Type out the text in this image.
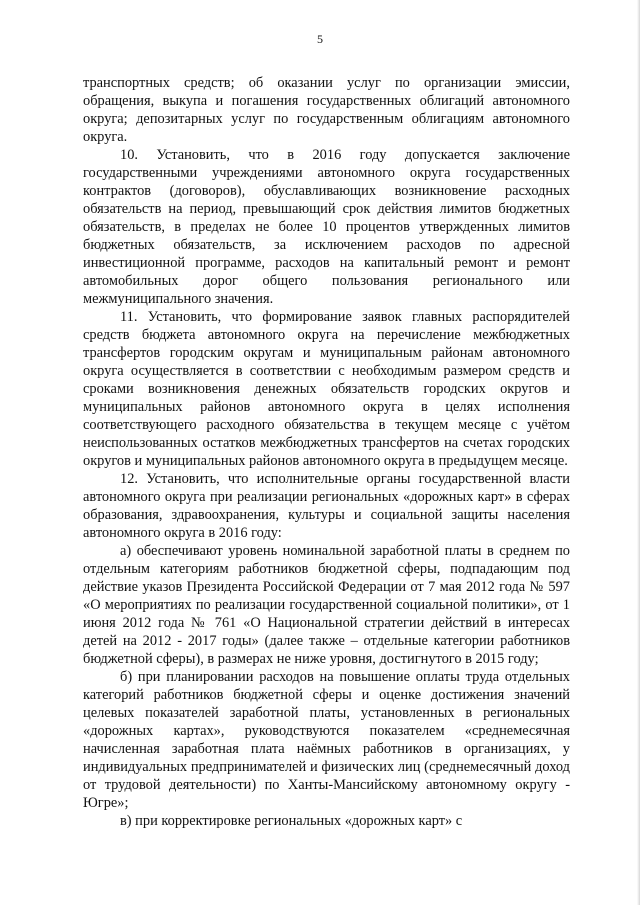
5

транспортных средств; об оказании услуг по организации эмиссии, обращения, выкупа и погашения государственных облигаций автономного округа; депозитарных услуг по государственным облигациям автономного округа.

10. Установить, что в 2016 году допускается заключение государственными учреждениями автономного округа государственных контрактов (договоров), обуславливающих возникновение расходных обязательств на период, превышающий срок действия лимитов бюджетных обязательств, в пределах не более 10 процентов утвержденных лимитов бюджетных обязательств, за исключением расходов по адресной инвестиционной программе, расходов на капитальный ремонт и ремонт автомобильных дорог общего пользования регионального или межмуниципального значения.

11. Установить, что формирование заявок главных распорядителей средств бюджета автономного округа на перечисление межбюджетных трансфертов городским округам и муниципальным районам автономного округа осуществляется в соответствии с необходимым размером средств и сроками возникновения денежных обязательств городских округов и муниципальных районов автономного округа в целях исполнения соответствующего расходного обязательства в текущем месяце с учётом неиспользованных остатков межбюджетных трансфертов на счетах городских округов и муниципальных районов автономного округа в предыдущем месяце.

12. Установить, что исполнительные органы государственной власти автономного округа при реализации региональных «дорожных карт» в сферах образования, здравоохранения, культуры и социальной защиты населения автономного округа в 2016 году:

а) обеспечивают уровень номинальной заработной платы в среднем по отдельным категориям работников бюджетной сферы, подпадающим под действие указов Президента Российской Федерации от 7 мая 2012 года № 597 «О мероприятиях по реализации государственной социальной политики», от 1 июня 2012 года № 761 «О Национальной стратегии действий в интересах детей на 2012 - 2017 годы» (далее также – отдельные категории работников бюджетной сферы), в размерах не ниже уровня, достигнутого в 2015 году;

б) при планировании расходов на повышение оплаты труда отдельных категорий работников бюджетной сферы и оценке достижения значений целевых показателей заработной платы, установленных в региональных «дорожных картах», руководствуются показателем «среднемесячная начисленная заработная плата наёмных работников в организациях, у индивидуальных предпринимателей и физических лиц (среднемесячный доход от трудовой деятельности) по Ханты-Мансийскому автономному округу - Югре»;

в) при корректировке региональных «дорожных карт» с
